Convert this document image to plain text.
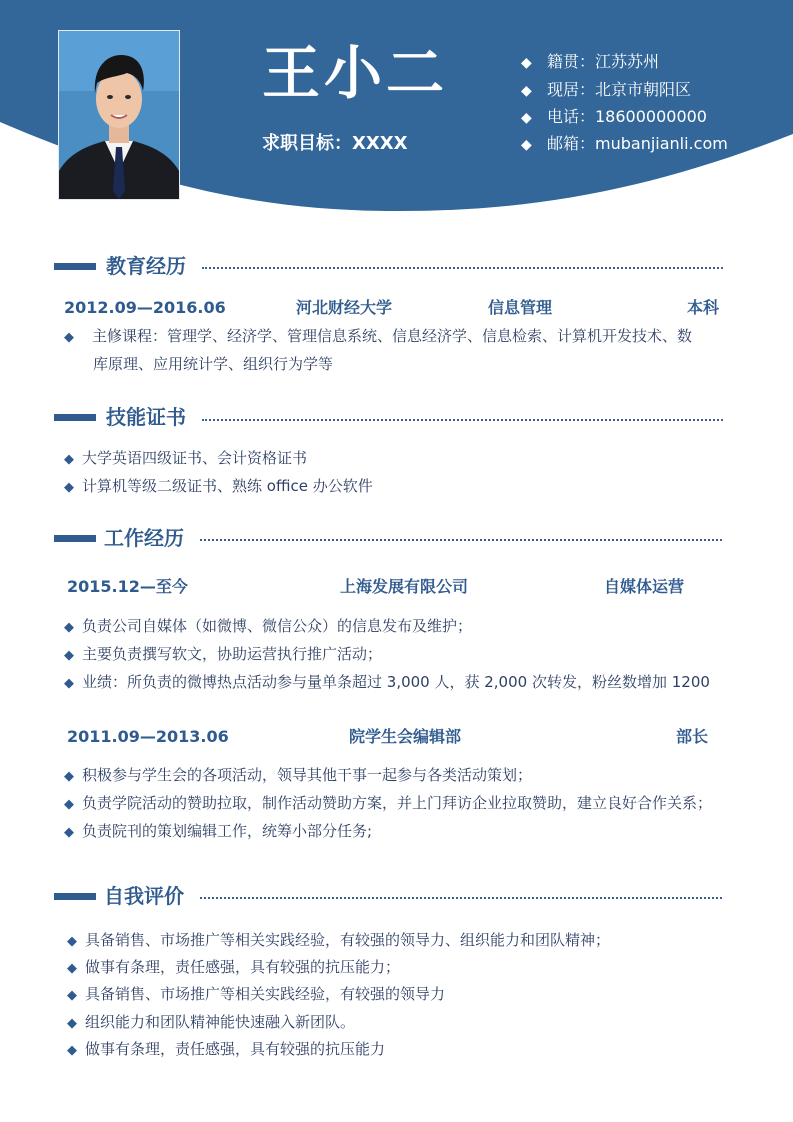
王小二
求职目标：XXXX
◆ 籍贯：江苏苏州
◆ 现居：北京市朝阳区
◆ 电话：18600000000
◆ 邮箱：mubanjianli.com
教育经历
2012.09—2016.06	河北财经大学	信息管理	本科
◆ 主修课程：管理学、经济学、管理信息系统、信息经济学、信息检索、计算机开发技术、数
库原理、应用统计学、组织行为学等
技能证书
◆ 大学英语四级证书、会计资格证书
◆ 计算机等级二级证书、熟练 office 办公软件
工作经历
2015.12—至今	上海发展有限公司	自媒体运营
◆ 负责公司自媒体（如微博、微信公众）的信息发布及维护；
◆ 主要负责撰写软文，协助运营执行推广活动；
◆ 业绩：所负责的微博热点活动参与量单条超过 3,000 人，获 2,000 次转发，粉丝数增加 1200
2011.09—2013.06	院学生会编辑部	部长
◆ 积极参与学生会的各项活动，领导其他干事一起参与各类活动策划；
◆ 负责学院活动的赞助拉取，制作活动赞助方案，并上门拜访企业拉取赞助，建立良好合作关系；
◆ 负责院刊的策划编辑工作，统筹小部分任务;
自我评价
◆ 具备销售、市场推广等相关实践经验，有较强的领导力、组织能力和团队精神；
◆ 做事有条理，责任感强，具有较强的抗压能力；
◆ 具备销售、市场推广等相关实践经验，有较强的领导力
◆ 组织能力和团队精神能快速融入新团队。
◆ 做事有条理，责任感强，具有较强的抗压能力
